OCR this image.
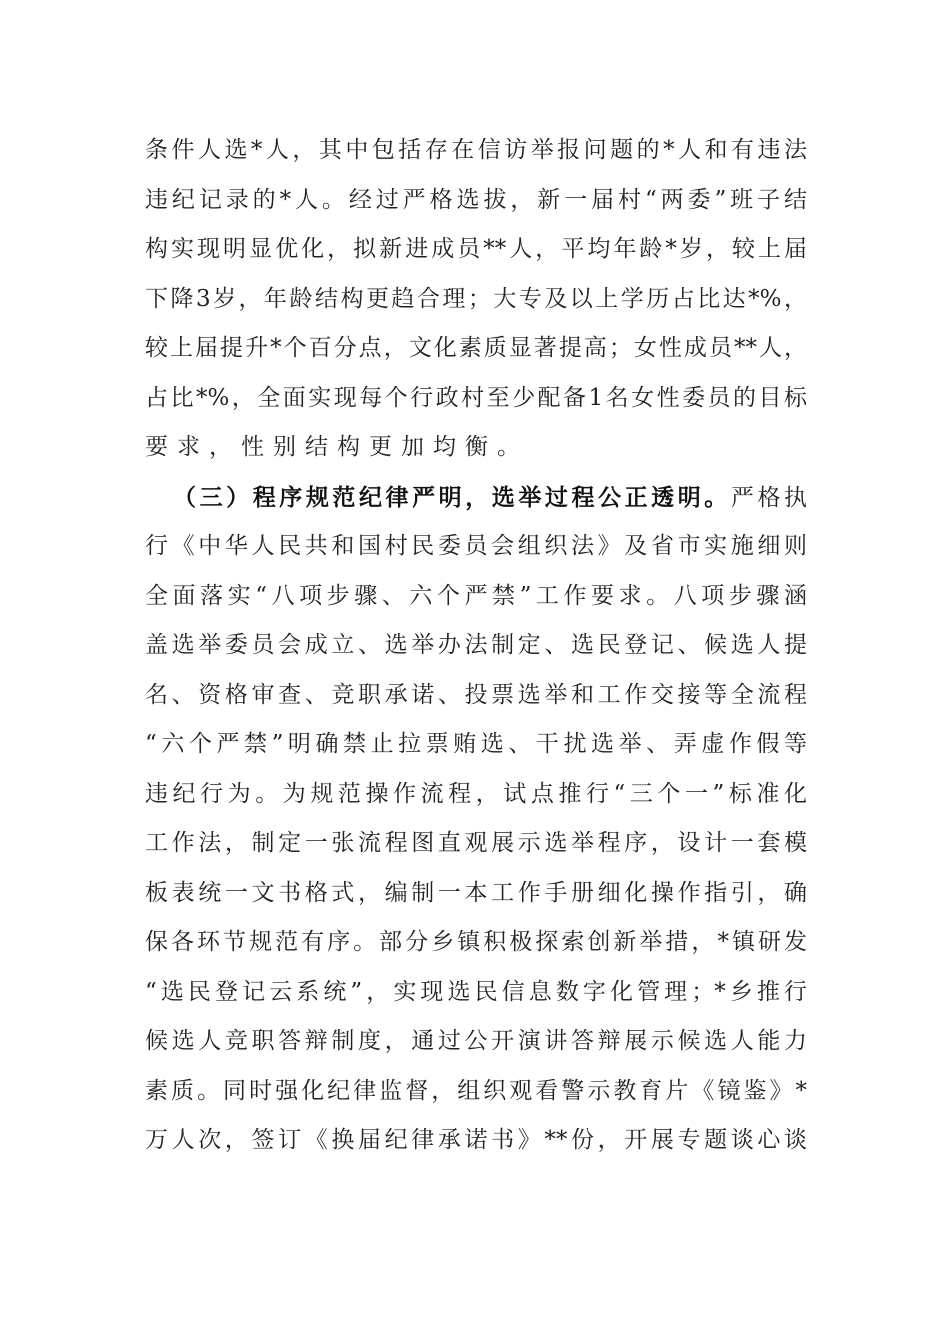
条件人选*人，其中包括存在信访举报问题的*人和有违法
违纪记录的*人。经过严格选拔，新一届村“两委”班子结
构实现明显优化，拟新进成员**人，平均年龄*岁，较上届
下降3岁，年龄结构更趋合理；大专及以上学历占比达*%，
较上届提升*个百分点，文化素质显著提高；女性成员**人，
占比*%，全面实现每个行政村至少配备1名女性委员的目标
要求，性别结构更加均衡。
（三）程序规范纪律严明，选举过程公正透明。严格执
行《中华人民共和国村民委员会组织法》及省市实施细则
全面落实“八项步骤、六个严禁”工作要求。八项步骤涵
盖选举委员会成立、选举办法制定、选民登记、候选人提
名、资格审查、竞职承诺、投票选举和工作交接等全流程
“六个严禁”明确禁止拉票贿选、干扰选举、弄虚作假等
违纪行为。为规范操作流程，试点推行“三个一”标准化
工作法，制定一张流程图直观展示选举程序，设计一套模
板表统一文书格式，编制一本工作手册细化操作指引，确
保各环节规范有序。部分乡镇积极探索创新举措，*镇研发
“选民登记云系统”，实现选民信息数字化管理；*乡推行
候选人竞职答辩制度，通过公开演讲答辩展示候选人能力
素质。同时强化纪律监督，组织观看警示教育片《镜鉴》*
万人次，签订《换届纪律承诺书》**份，开展专题谈心谈
